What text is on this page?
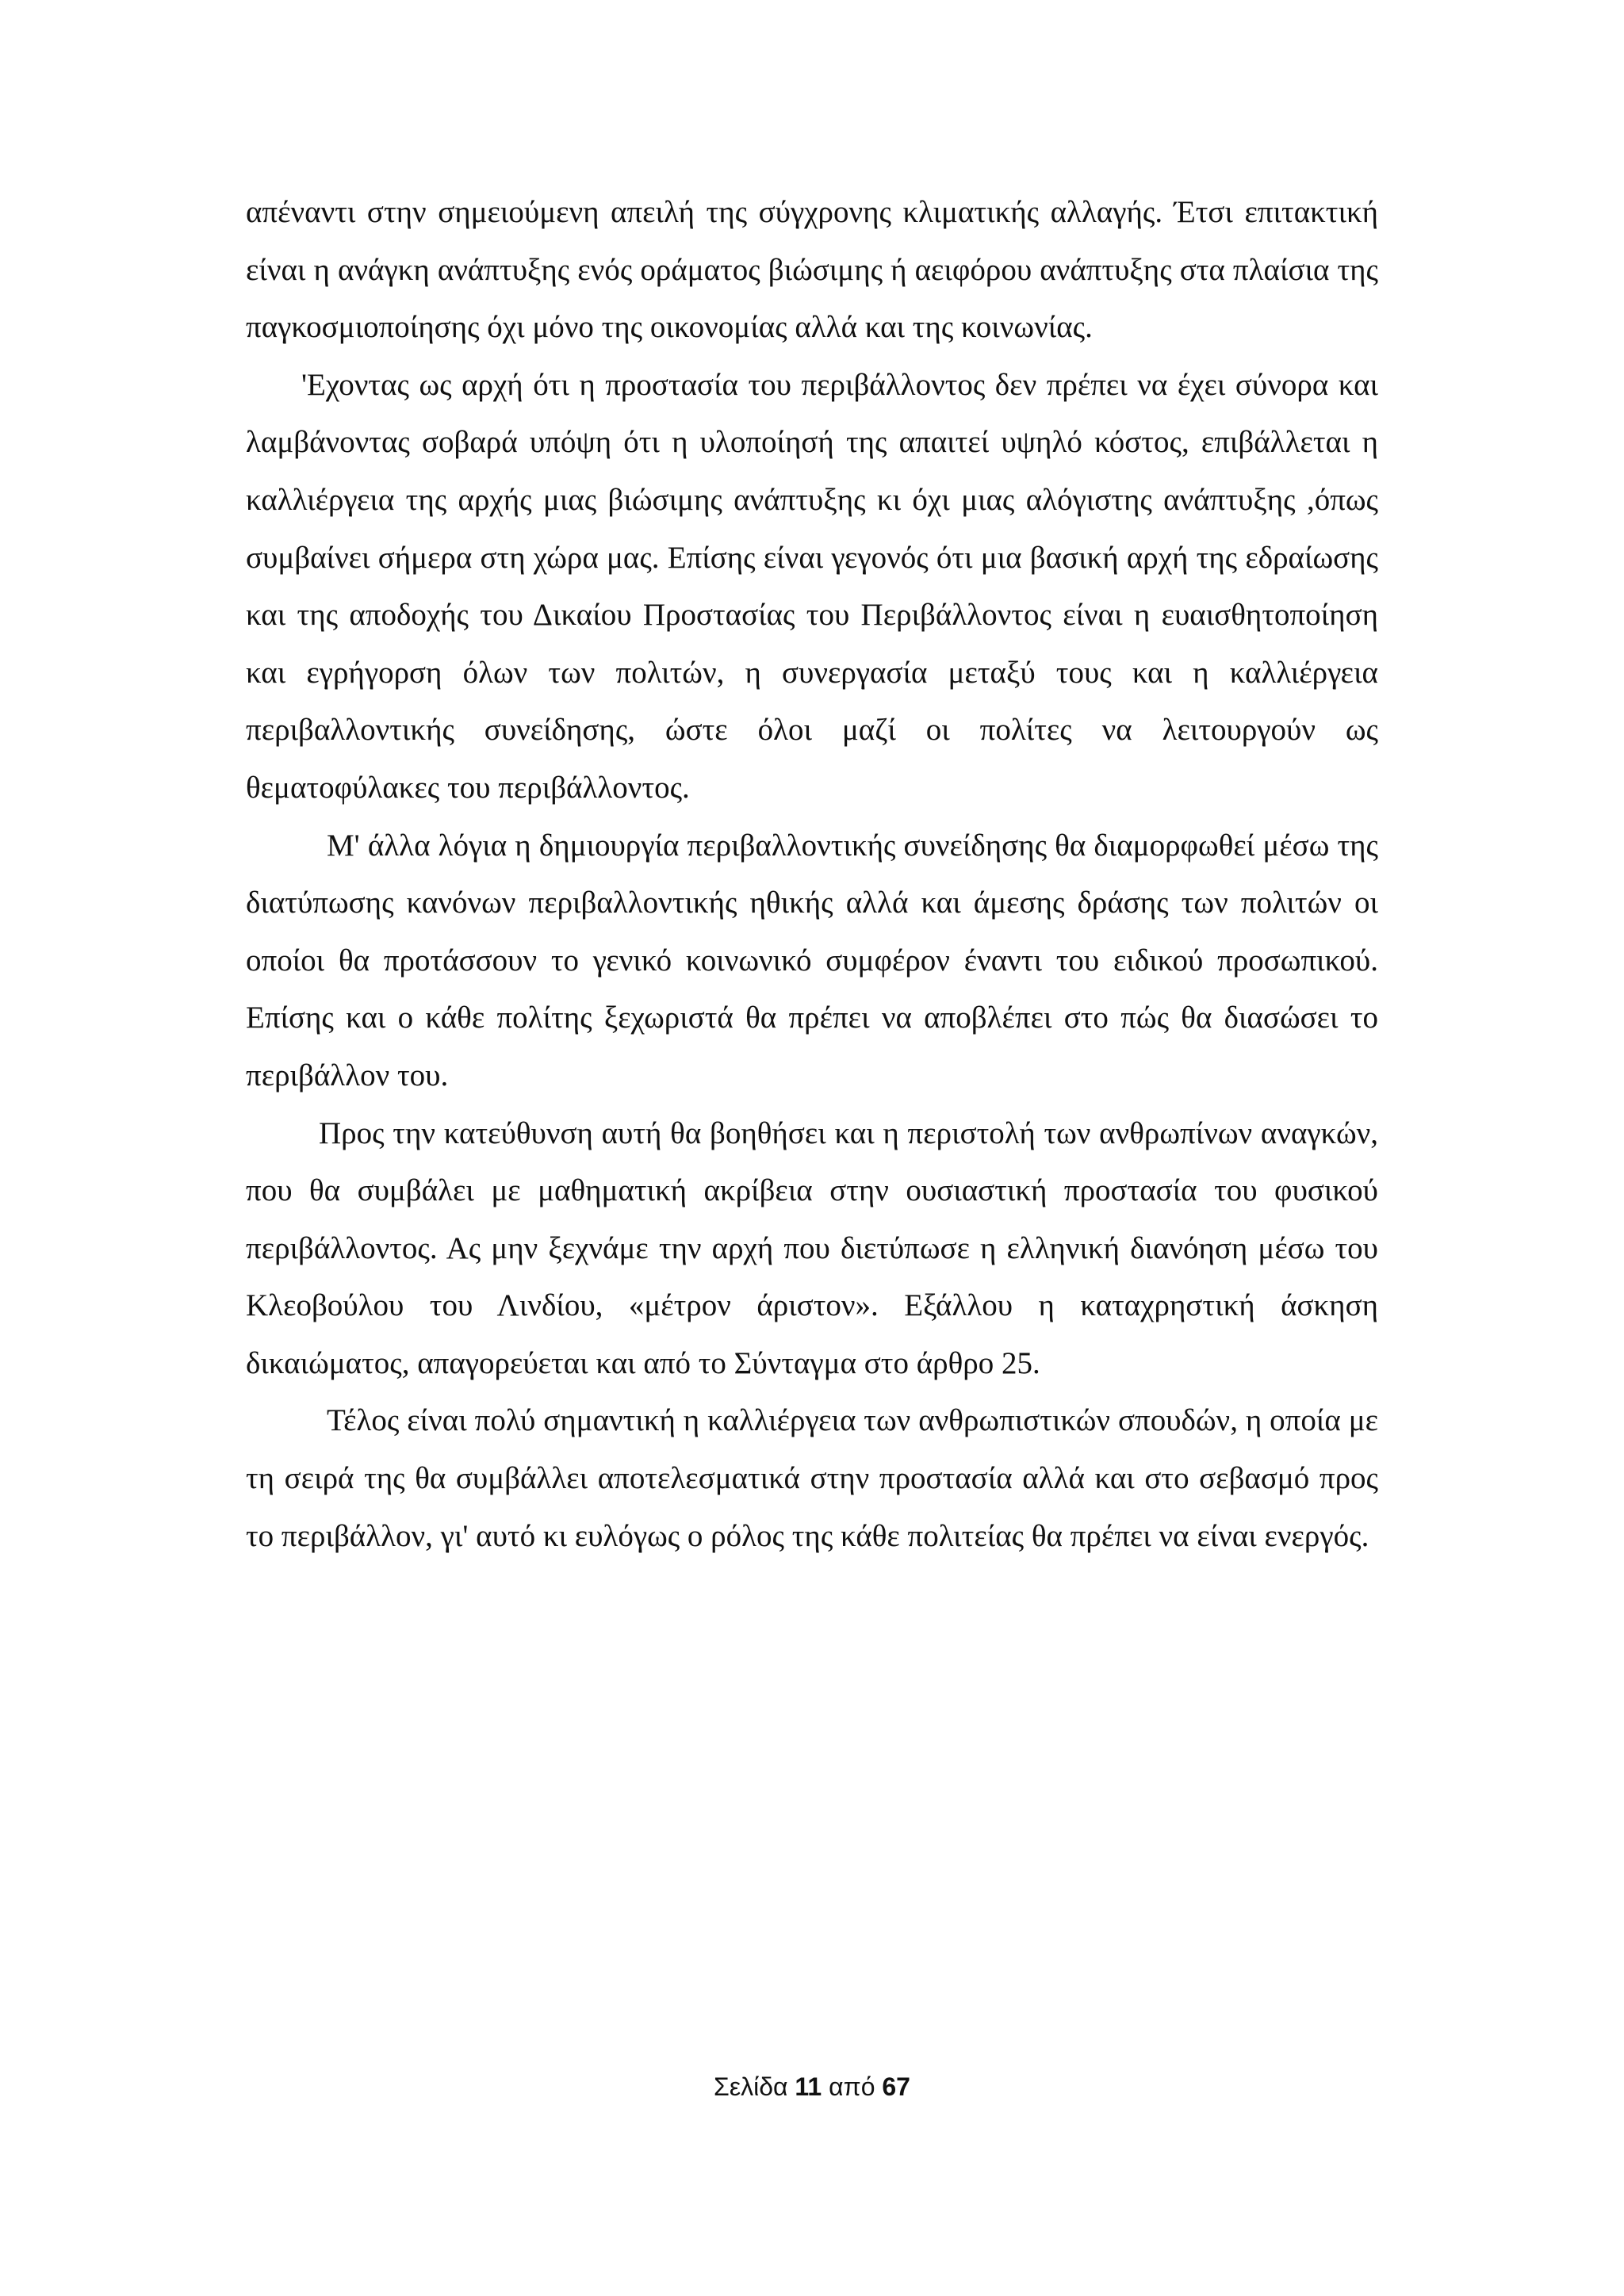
απέναντι στην σημειούμενη απειλή της σύγχρονης κλιματικής αλλαγής. Έτσι επιτακτική είναι η ανάγκη ανάπτυξης ενός οράματος βιώσιμης ή αειφόρου ανάπτυξης στα πλαίσια της παγκοσμιοποίησης όχι μόνο της οικονομίας αλλά και της κοινωνίας.

'Εχοντας ως αρχή ότι η προστασία του περιβάλλοντος δεν πρέπει να έχει σύνορα και λαμβάνοντας σοβαρά υπόψη ότι η υλοποίησή της απαιτεί υψηλό κόστος, επιβάλλεται η καλλιέργεια της αρχής μιας βιώσιμης ανάπτυξης κι όχι μιας αλόγιστης ανάπτυξης ,όπως συμβαίνει σήμερα στη χώρα μας. Επίσης είναι γεγονός ότι μια βασική αρχή της εδραίωσης και της αποδοχής του Δικαίου Προστασίας του Περιβάλλοντος είναι η ευαισθητοποίηση και εγρήγορση όλων των πολιτών, η συνεργασία μεταξύ τους και η καλλιέργεια περιβαλλοντικής συνείδησης, ώστε όλοι μαζί οι πολίτες να λειτουργούν ως θεματοφύλακες του περιβάλλοντος.

Μ' άλλα λόγια η δημιουργία περιβαλλοντικής συνείδησης θα διαμορφωθεί μέσω της διατύπωσης κανόνων περιβαλλοντικής ηθικής αλλά και άμεσης δράσης των πολιτών οι οποίοι θα προτάσσουν το γενικό κοινωνικό συμφέρον έναντι του ειδικού προσωπικού. Επίσης και ο κάθε πολίτης ξεχωριστά θα πρέπει να αποβλέπει στο πώς θα διασώσει το περιβάλλον του.

Προς την κατεύθυνση αυτή θα βοηθήσει και η περιστολή των ανθρωπίνων αναγκών, που θα συμβάλει με μαθηματική ακρίβεια στην ουσιαστική προστασία του φυσικού περιβάλλοντος. Ας μην ξεχνάμε την αρχή που διετύπωσε η ελληνική διανόηση μέσω του Κλεοβούλου του Λινδίου, «μέτρον άριστον». Εξάλλου η καταχρηστική άσκηση δικαιώματος, απαγορεύεται και από το Σύνταγμα στο άρθρο 25.

Τέλος είναι πολύ σημαντική η καλλιέργεια των ανθρωπιστικών σπουδών, η οποία με τη σειρά της θα συμβάλλει αποτελεσματικά στην προστασία αλλά και στο σεβασμό προς το περιβάλλον, γι' αυτό κι ευλόγως ο ρόλος της κάθε πολιτείας θα πρέπει να είναι ενεργός.

Σελίδα 11 από 67
